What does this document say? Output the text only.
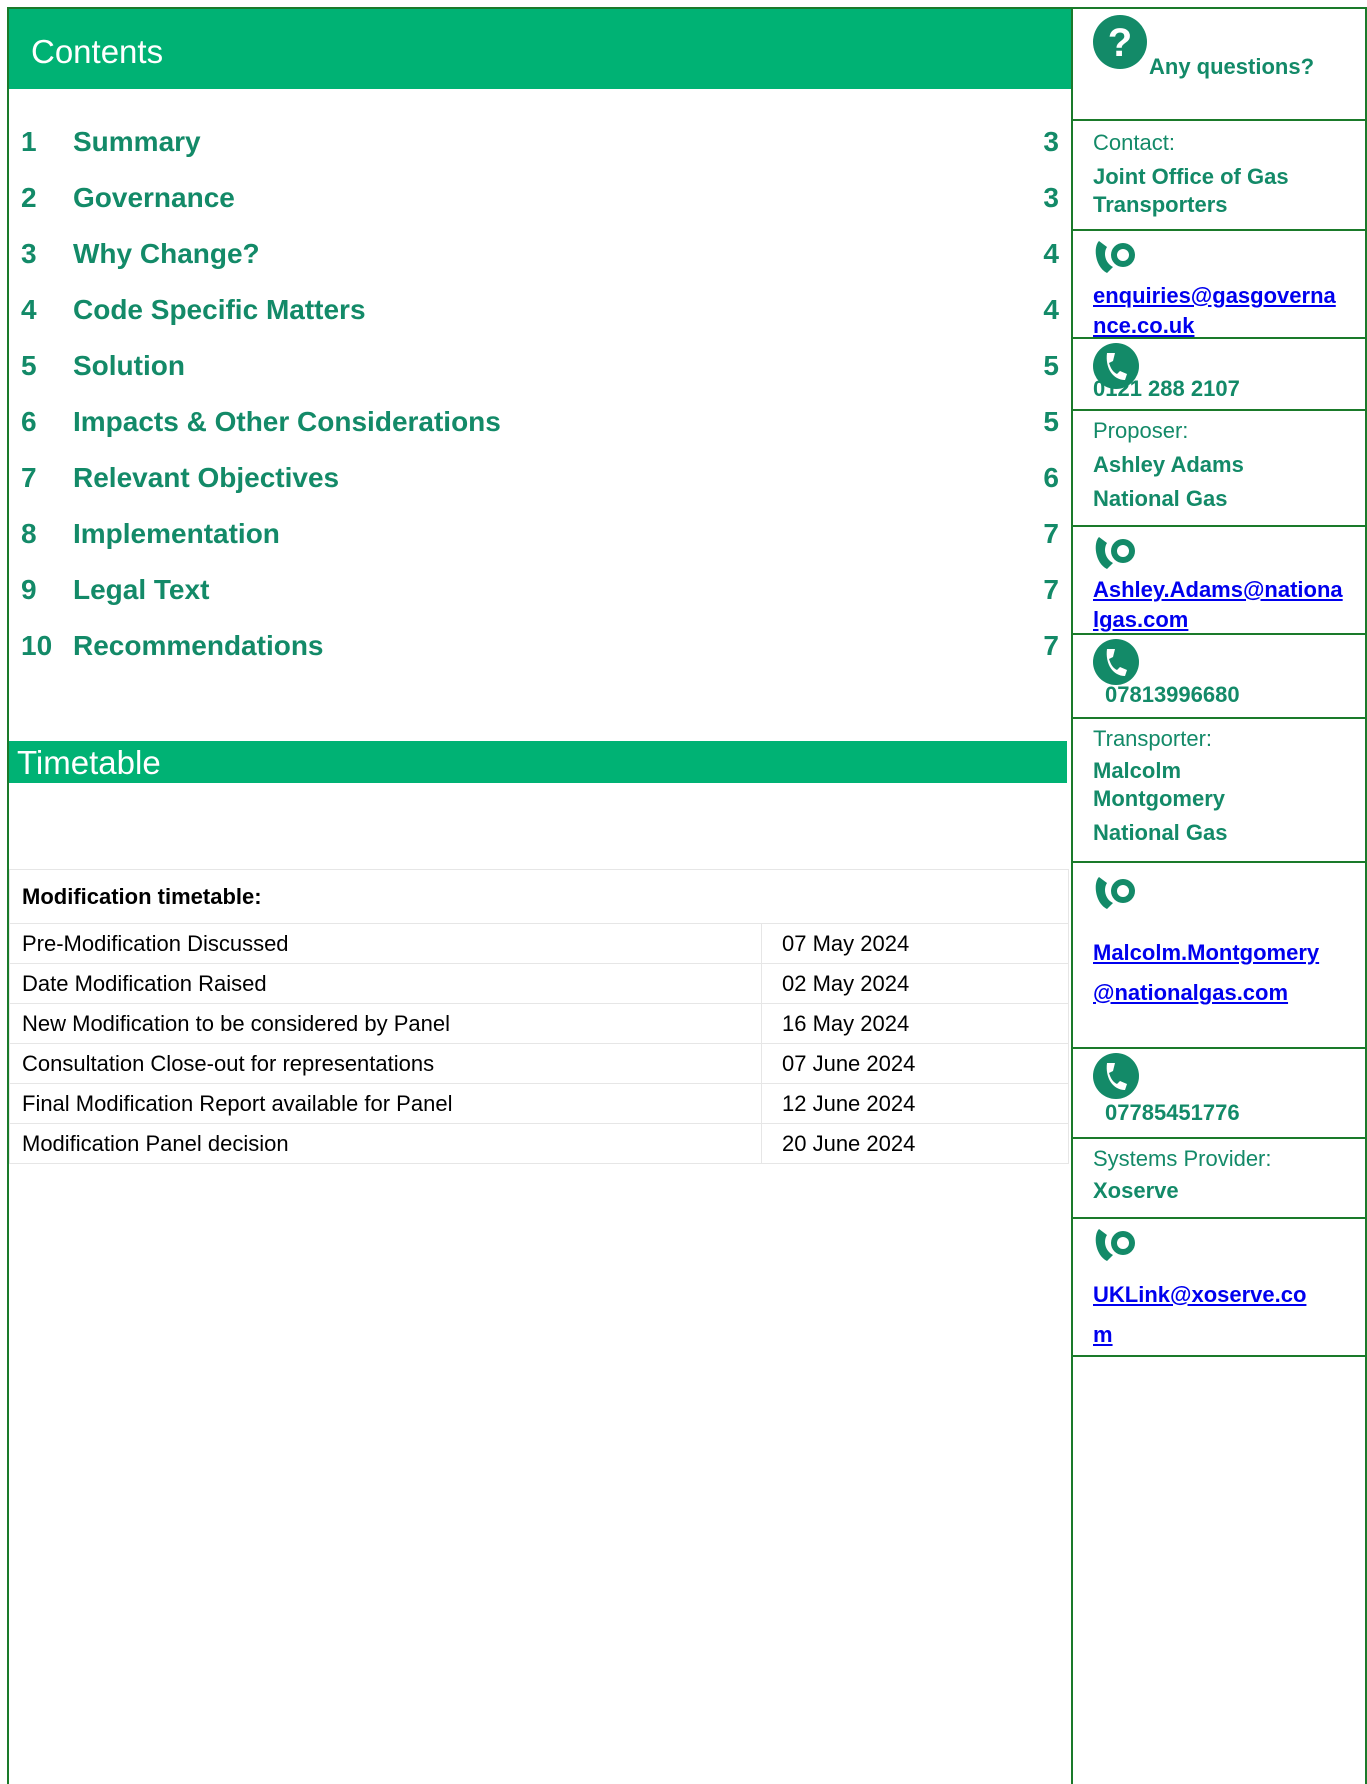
Contents
1 Summary	3
2 Governance	3
3 Why Change?	4
4 Code Specific Matters	4
5 Solution	5
6 Impacts & Other Considerations	5
7 Relevant Objectives	6
8 Implementation	7
9 Legal Text	7
10 Recommendations	7
Timetable
Modification timetable:	
Pre-Modification Discussed	07 May 2024
Date Modification Raised	02 May 2024
New Modification to be considered by Panel	16 May 2024
Consultation Close-out for representations	07 June 2024
Final Modification Report available for Panel	12 June 2024
Modification Panel decision	20 June 2024
?
Any questions?
Contact:
Joint Office of Gas Transporters
enquiries@gasgovernance.co.uk
0121 288 2107
Proposer:
Ashley Adams
National Gas
Ashley.Adams@nationalgas.com
07813996680
Transporter:
Malcolm Montgomery
National Gas
Malcolm.Montgomery@nationalgas.com
07785451776
Systems Provider:
Xoserve
UKLink@xoserve.com
